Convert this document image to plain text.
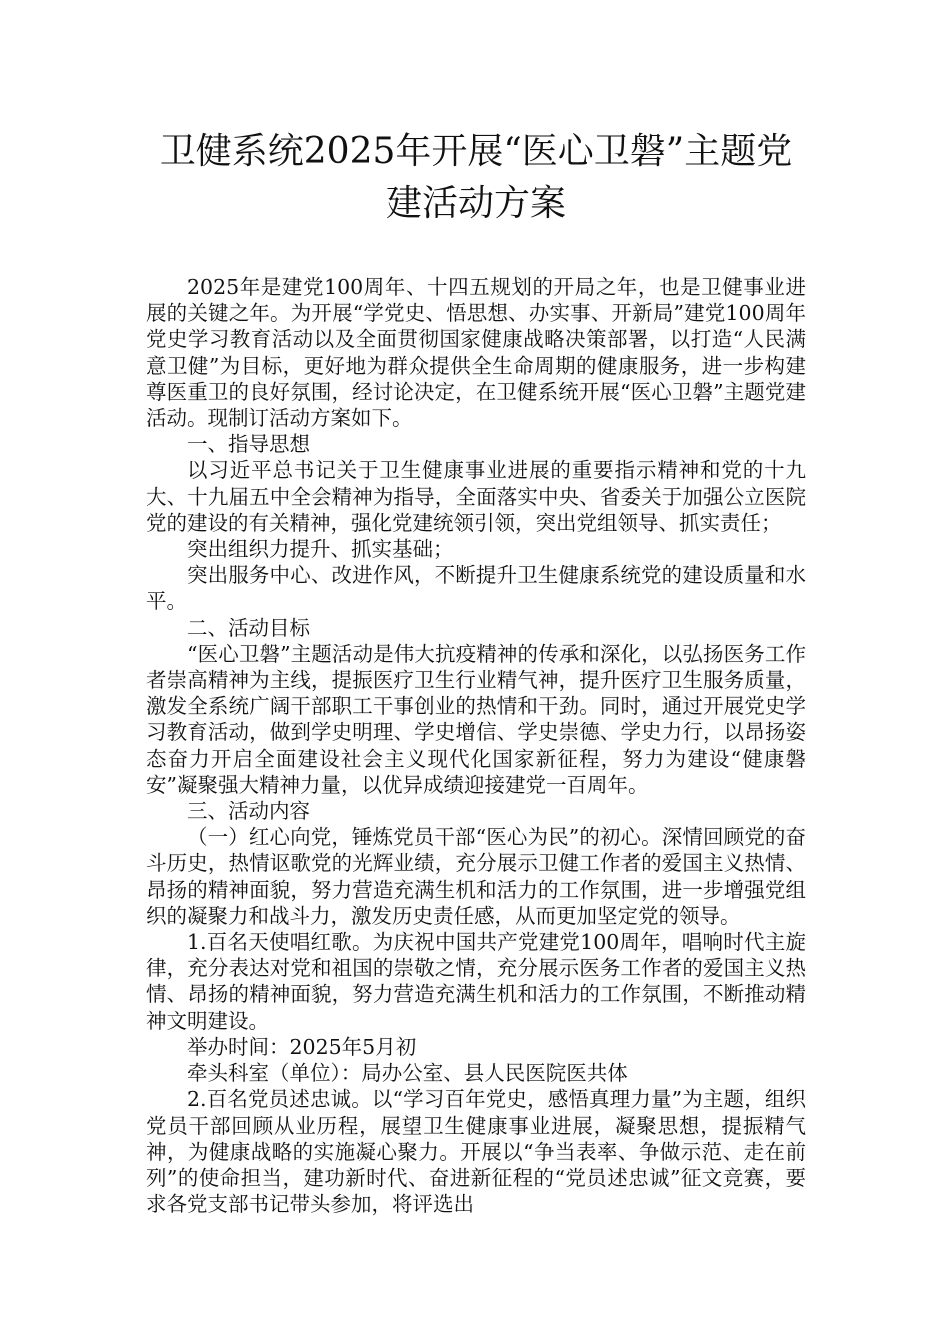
卫健系统2025年开展“医心卫磐”主题党
建活动方案

2025年是建党100周年、十四五规划的开局之年，也是卫健事业进展的关键之年。为开展“学党史、悟思想、办实事、开新局”建党100周年党史学习教育活动以及全面贯彻国家健康战略决策部署，以打造“人民满意卫健”为目标，更好地为群众提供全生命周期的健康服务，进一步构建尊医重卫的良好氛围，经讨论决定，在卫健系统开展“医心卫磐”主题党建活动。现制订活动方案如下。

一、指导思想

以习近平总书记关于卫生健康事业进展的重要指示精神和党的十九大、十九届五中全会精神为指导，全面落实中央、省委关于加强公立医院党的建设的有关精神，强化党建统领引领，突出党组领导、抓实责任；

突出组织力提升、抓实基础；

突出服务中心、改进作风，不断提升卫生健康系统党的建设质量和水平。

二、活动目标

“医心卫磐”主题活动是伟大抗疫精神的传承和深化，以弘扬医务工作者崇高精神为主线，提振医疗卫生行业精气神，提升医疗卫生服务质量，激发全系统广阔干部职工干事创业的热情和干劲。同时，通过开展党史学习教育活动，做到学史明理、学史增信、学史崇德、学史力行，以昂扬姿态奋力开启全面建设社会主义现代化国家新征程，努力为建设“健康磐安”凝聚强大精神力量，以优异成绩迎接建党一百周年。

三、活动内容

（一）红心向党，锤炼党员干部“医心为民”的初心。深情回顾党的奋斗历史，热情讴歌党的光辉业绩，充分展示卫健工作者的爱国主义热情、昂扬的精神面貌，努力营造充满生机和活力的工作氛围，进一步增强党组织的凝聚力和战斗力，激发历史责任感，从而更加坚定党的领导。

1.百名天使唱红歌。为庆祝中国共产党建党100周年，唱响时代主旋律，充分表达对党和祖国的崇敬之情，充分展示医务工作者的爱国主义热情、昂扬的精神面貌，努力营造充满生机和活力的工作氛围，不断推动精神文明建设。

举办时间：2025年5月初

牵头科室（单位）：局办公室、县人民医院医共体

2.百名党员述忠诚。以“学习百年党史，感悟真理力量”为主题，组织党员干部回顾从业历程，展望卫生健康事业进展，凝聚思想，提振精气神，为健康战略的实施凝心聚力。开展以“争当表率、争做示范、走在前列”的使命担当，建功新时代、奋进新征程的“党员述忠诚”征文竞赛，要求各党支部书记带头参加，将评选出
